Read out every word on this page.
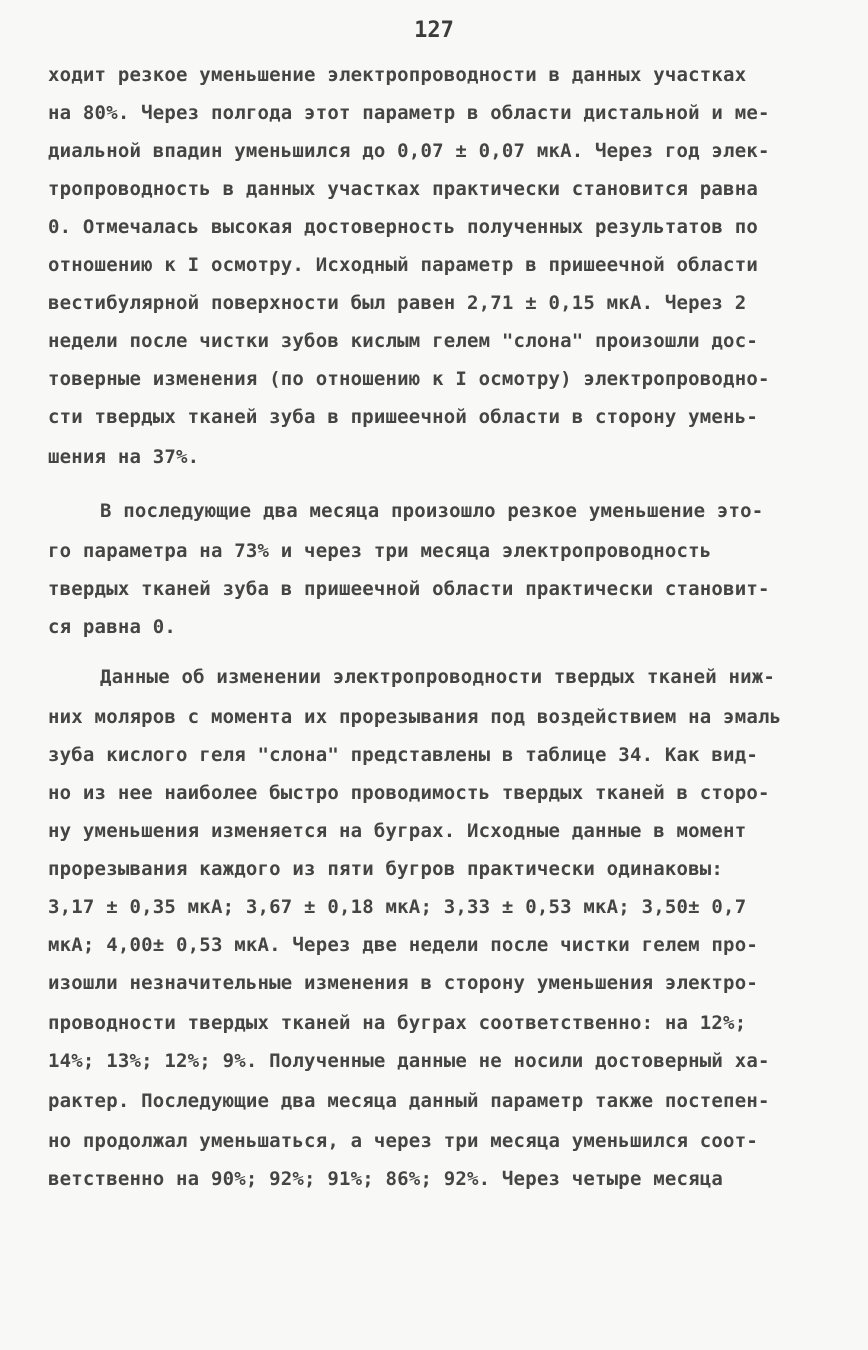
127
ходит резкое уменьшение электропроводности в данных участках
на 80%. Через полгода этот параметр в области дистальной и ме-
диальной впадин уменьшился до 0,07 ± 0,07 мкА. Через год элек-
тропроводность в данных участках практически становится равна
0. Отмечалась высокая достоверность полученных результатов по
отношению к I осмотру. Исходный параметр в пришеечной области
вестибулярной поверхности был равен 2,71 ± 0,15 мкА. Через 2
недели после чистки зубов кислым гелем "слона" произошли дос-
товерные изменения (по отношению к I осмотру) электропроводно-
сти твердых тканей зуба в пришеечной области в сторону умень-
шения на 37%.
В последующие два месяца произошло резкое уменьшение это-
го параметра на 73% и через три месяца электропроводность
твердых тканей зуба в пришеечной области практически становит-
ся равна 0.
Данные об изменении электропроводности твердых тканей ниж-
них моляров с момента их прорезывания под воздействием на эмаль
зуба кислого геля "слона" представлены в таблице 34. Как вид-
но из нее наиболее быстро проводимость твердых тканей в сторо-
ну уменьшения изменяется на буграх. Исходные данные в момент
прорезывания каждого из пяти бугров практически одинаковы:
3,17 ± 0,35 мкА; 3,67 ± 0,18 мкА; 3,33 ± 0,53 мкА; 3,50± 0,7
мкА; 4,00± 0,53 мкА. Через две недели после чистки гелем про-
изошли незначительные изменения в сторону уменьшения электро-
проводности твердых тканей на буграх соответственно: на 12%;
14%; 13%; 12%; 9%. Полученные данные не носили достоверный ха-
рактер. Последующие два месяца данный параметр также постепен-
но продолжал уменьшаться, а через три месяца уменьшился соот-
ветственно на 90%; 92%; 91%; 86%; 92%. Через четыре месяца
